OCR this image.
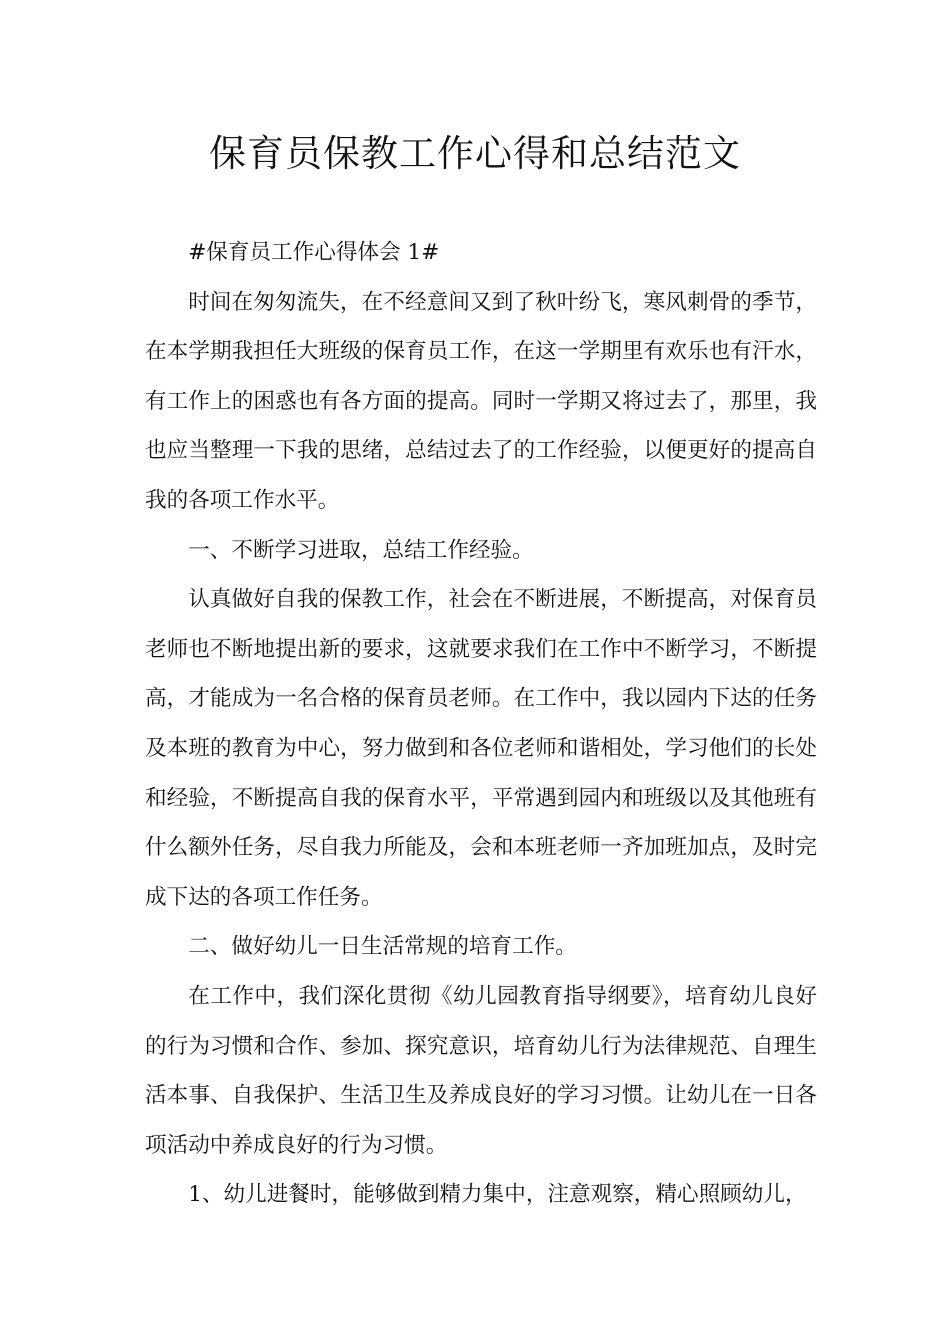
保育员保教工作心得和总结范文

#保育员工作心得体会 1#

时间在匆匆流失，在不经意间又到了秋叶纷飞，寒风刺骨的季节，在本学期我担任大班级的保育员工作，在这一学期里有欢乐也有汗水，有工作上的困惑也有各方面的提高。同时一学期又将过去了，那里，我也应当整理一下我的思绪，总结过去了的工作经验，以便更好的提高自我的各项工作水平。

一、不断学习进取，总结工作经验。

认真做好自我的保教工作，社会在不断进展，不断提高，对保育员老师也不断地提出新的要求，这就要求我们在工作中不断学习，不断提高，才能成为一名合格的保育员老师。在工作中，我以园内下达的任务及本班的教育为中心，努力做到和各位老师和谐相处，学习他们的长处和经验，不断提高自我的保育水平，平常遇到园内和班级以及其他班有什么额外任务，尽自我力所能及，会和本班老师一齐加班加点，及时完成下达的各项工作任务。

二、做好幼儿一日生活常规的培育工作。

在工作中，我们深化贯彻《幼儿园教育指导纲要》，培育幼儿良好的行为习惯和合作、参加、探究意识，培育幼儿行为法律规范、自理生活本事、自我保护、生活卫生及养成良好的学习习惯。让幼儿在一日各项活动中养成良好的行为习惯。

1、幼儿进餐时，能够做到精力集中，注意观察，精心照顾幼儿，
